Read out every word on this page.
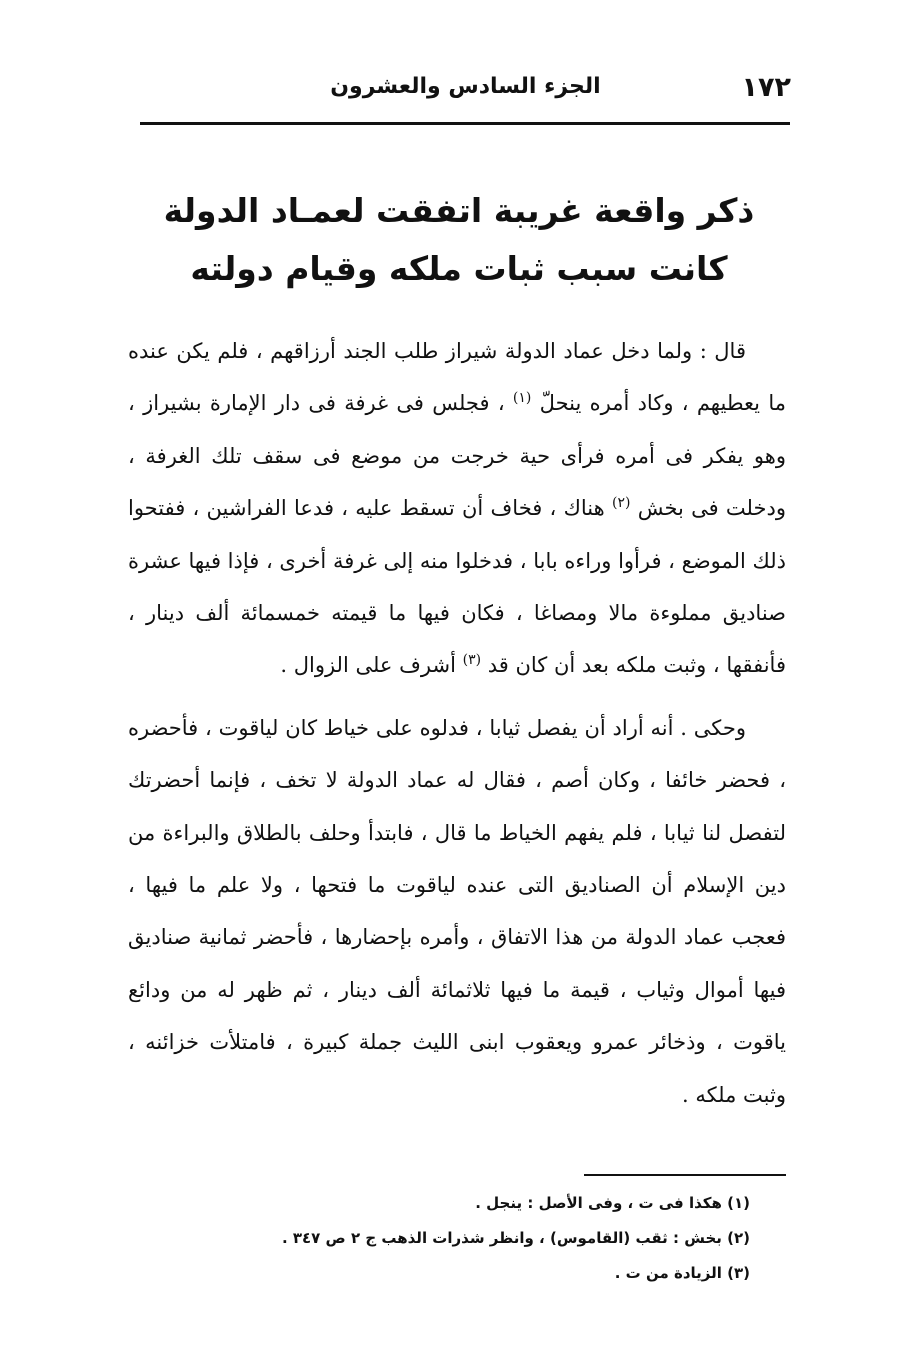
١٧٢
الجزء السادس والعشرون
ذكر واقعة غريبة اتفقت لعمـاد الدولة كانت سبب ثبات ملكه وقيام دولته

قال : ولما دخل عماد الدولة شيراز طلب الجند أرزاقهم ، فلم يكن عنده ما يعطيهم ، وكاد أمره ينحلّ $^{(١)}$ ، فجلس فى غرفة فى دار الإمارة بشيراز ، وهو يفكر فى أمره فرأى حية خرجت من موضع فى سقف تلك الغرفة ، ودخلت فى بخش $^{(٢)}$ هناك ، فخاف أن تسقط عليه ، فدعا الفراشين ، ففتحوا ذلك الموضع ، فرأوا وراءه بابا ، فدخلوا منه إلى غرفة أخرى ، فإذا فيها عشرة صناديق مملوءة مالا ومصاغا ، فكان فيها ما قيمته خمسمائة ألف دينار ، فأنفقها ، وثبت ملكه بعد أن كان قد $^{(٣)}$ أشرف على الزوال .

وحكى . أنه أراد أن يفصل ثيابا ، فدلوه على خياط كان لياقوت ، فأحضره ، فحضر خائفا ، وكان أصم ، فقال له عماد الدولة لا تخف ، فإنما أحضرتك لتفصل لنا ثيابا ، فلم يفهم الخياط ما قال ، فابتدأ وحلف بالطلاق والبراءة من دين الإسلام أن الصناديق التى عنده لياقوت ما فتحها ، ولا علم ما فيها ، فعجب عماد الدولة من هذا الاتفاق ، وأمره بإحضارها ، فأحضر ثمانية صناديق فيها أموال وثياب ، قيمة ما فيها ثلاثمائة ألف دينار ، ثم ظهر له من ودائع ياقوت ، وذخائر عمرو ويعقوب ابنى الليث جملة كبيرة ، فامتلأت خزائنه ، وثبت ملكه .

(١) هكذا فى ت ، وفى الأصل : ينجل .

(٢) بخش : ثقب (القاموس) ، وانظر شذرات الذهب ج ٢ ص ٣٤٧ .

(٣) الزيادة من ت .
